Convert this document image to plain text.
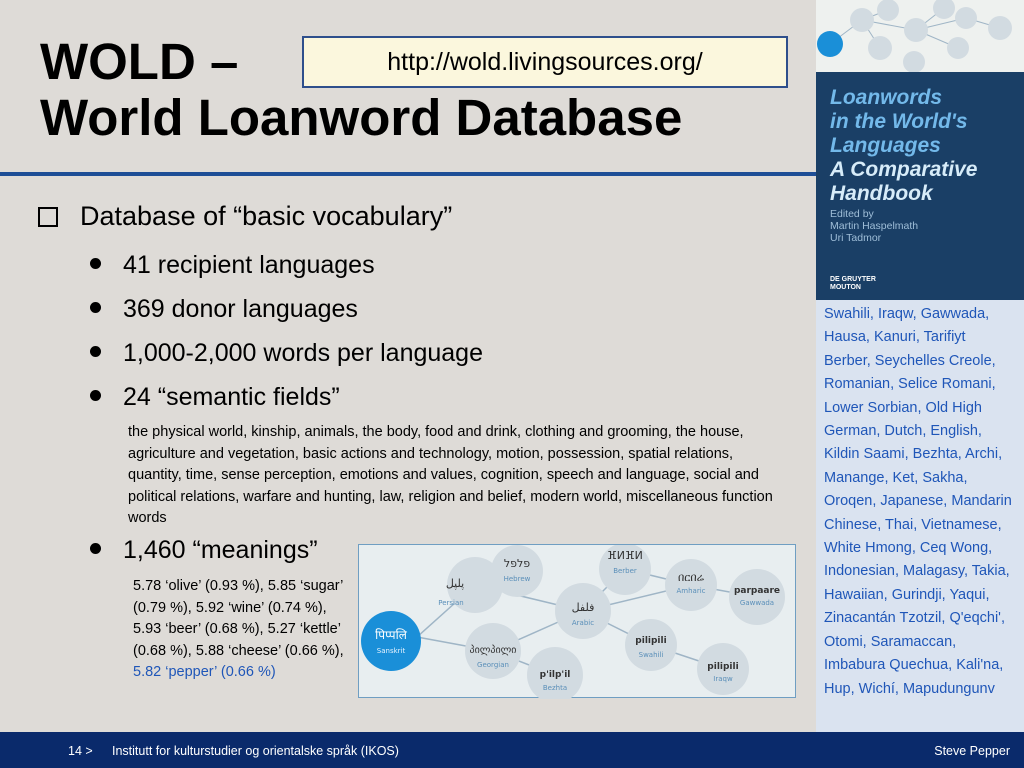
WOLD –
World Loanword Database
http://wold.livingsources.org/
Database of “basic vocabulary”
41 recipient languages
369 donor languages
1,000-2,000 words per language
24 “semantic fields”
the physical world, kinship, animals, the body, food and drink, clothing and grooming, the house, agriculture and vegetation, basic actions and technology, motion, possession, spatial relations, quantity, time, sense perception, emotions and values, cognition, speech and language, social and political relations, warfare and hunting, law, religion and belief, modern world, miscellaneous function words
1,460 “meanings”
5.78 ‘olive’ (0.93 %), 5.85 ‘sugar’ (0.79 %), 5.92 ‘wine’ (0.74 %), 5.93 ‘beer’ (0.68 %), 5.27 ‘kettle’ (0.68 %), 5.88 ‘cheese’ (0.66 %), 5.82 ‘pepper’ (0.66 %)
पिप्पलि
Sanskrit
پلپل
Persian
פלפל
Hebrew
ⴼⵍⴼⵍ
Berber	በርበሬ
Amharic	parpaare
Gawwada
فلفل
Arabic
პილპილი
Georgian
pilipili
Swahili
pilipili
Iraqw
p'ilp'il
Bezhta
Loanwords
in the World's
Languages
A Comparative
Handbook
Edited by
Martin Haspelmath
Uri Tadmor
DE GRUYTER
MOUTON
Swahili, Iraqw, Gawwada, Hausa, Kanuri, Tarifiyt Berber, Seychelles Creole, Romanian, Selice Romani, Lower Sorbian, Old High German, Dutch, English, Kildin Saami, Bezhta, Archi, Manange, Ket, Sakha, Oroqen, Japanese, Mandarin Chinese, Thai, Vietnamese, White Hmong, Ceq Wong, Indonesian, Malagasy, Takia, Hawaiian, Gurindji, Yaqui, Zinacantán Tzotzil, Q'eqchi', Otomi, Saramaccan, Imbabura Quechua, Kali'na, Hup, Wichí, Mapudungunv
14 > Institutt for kulturstudier og orientalske språk (IKOS)	Steve Pepper
